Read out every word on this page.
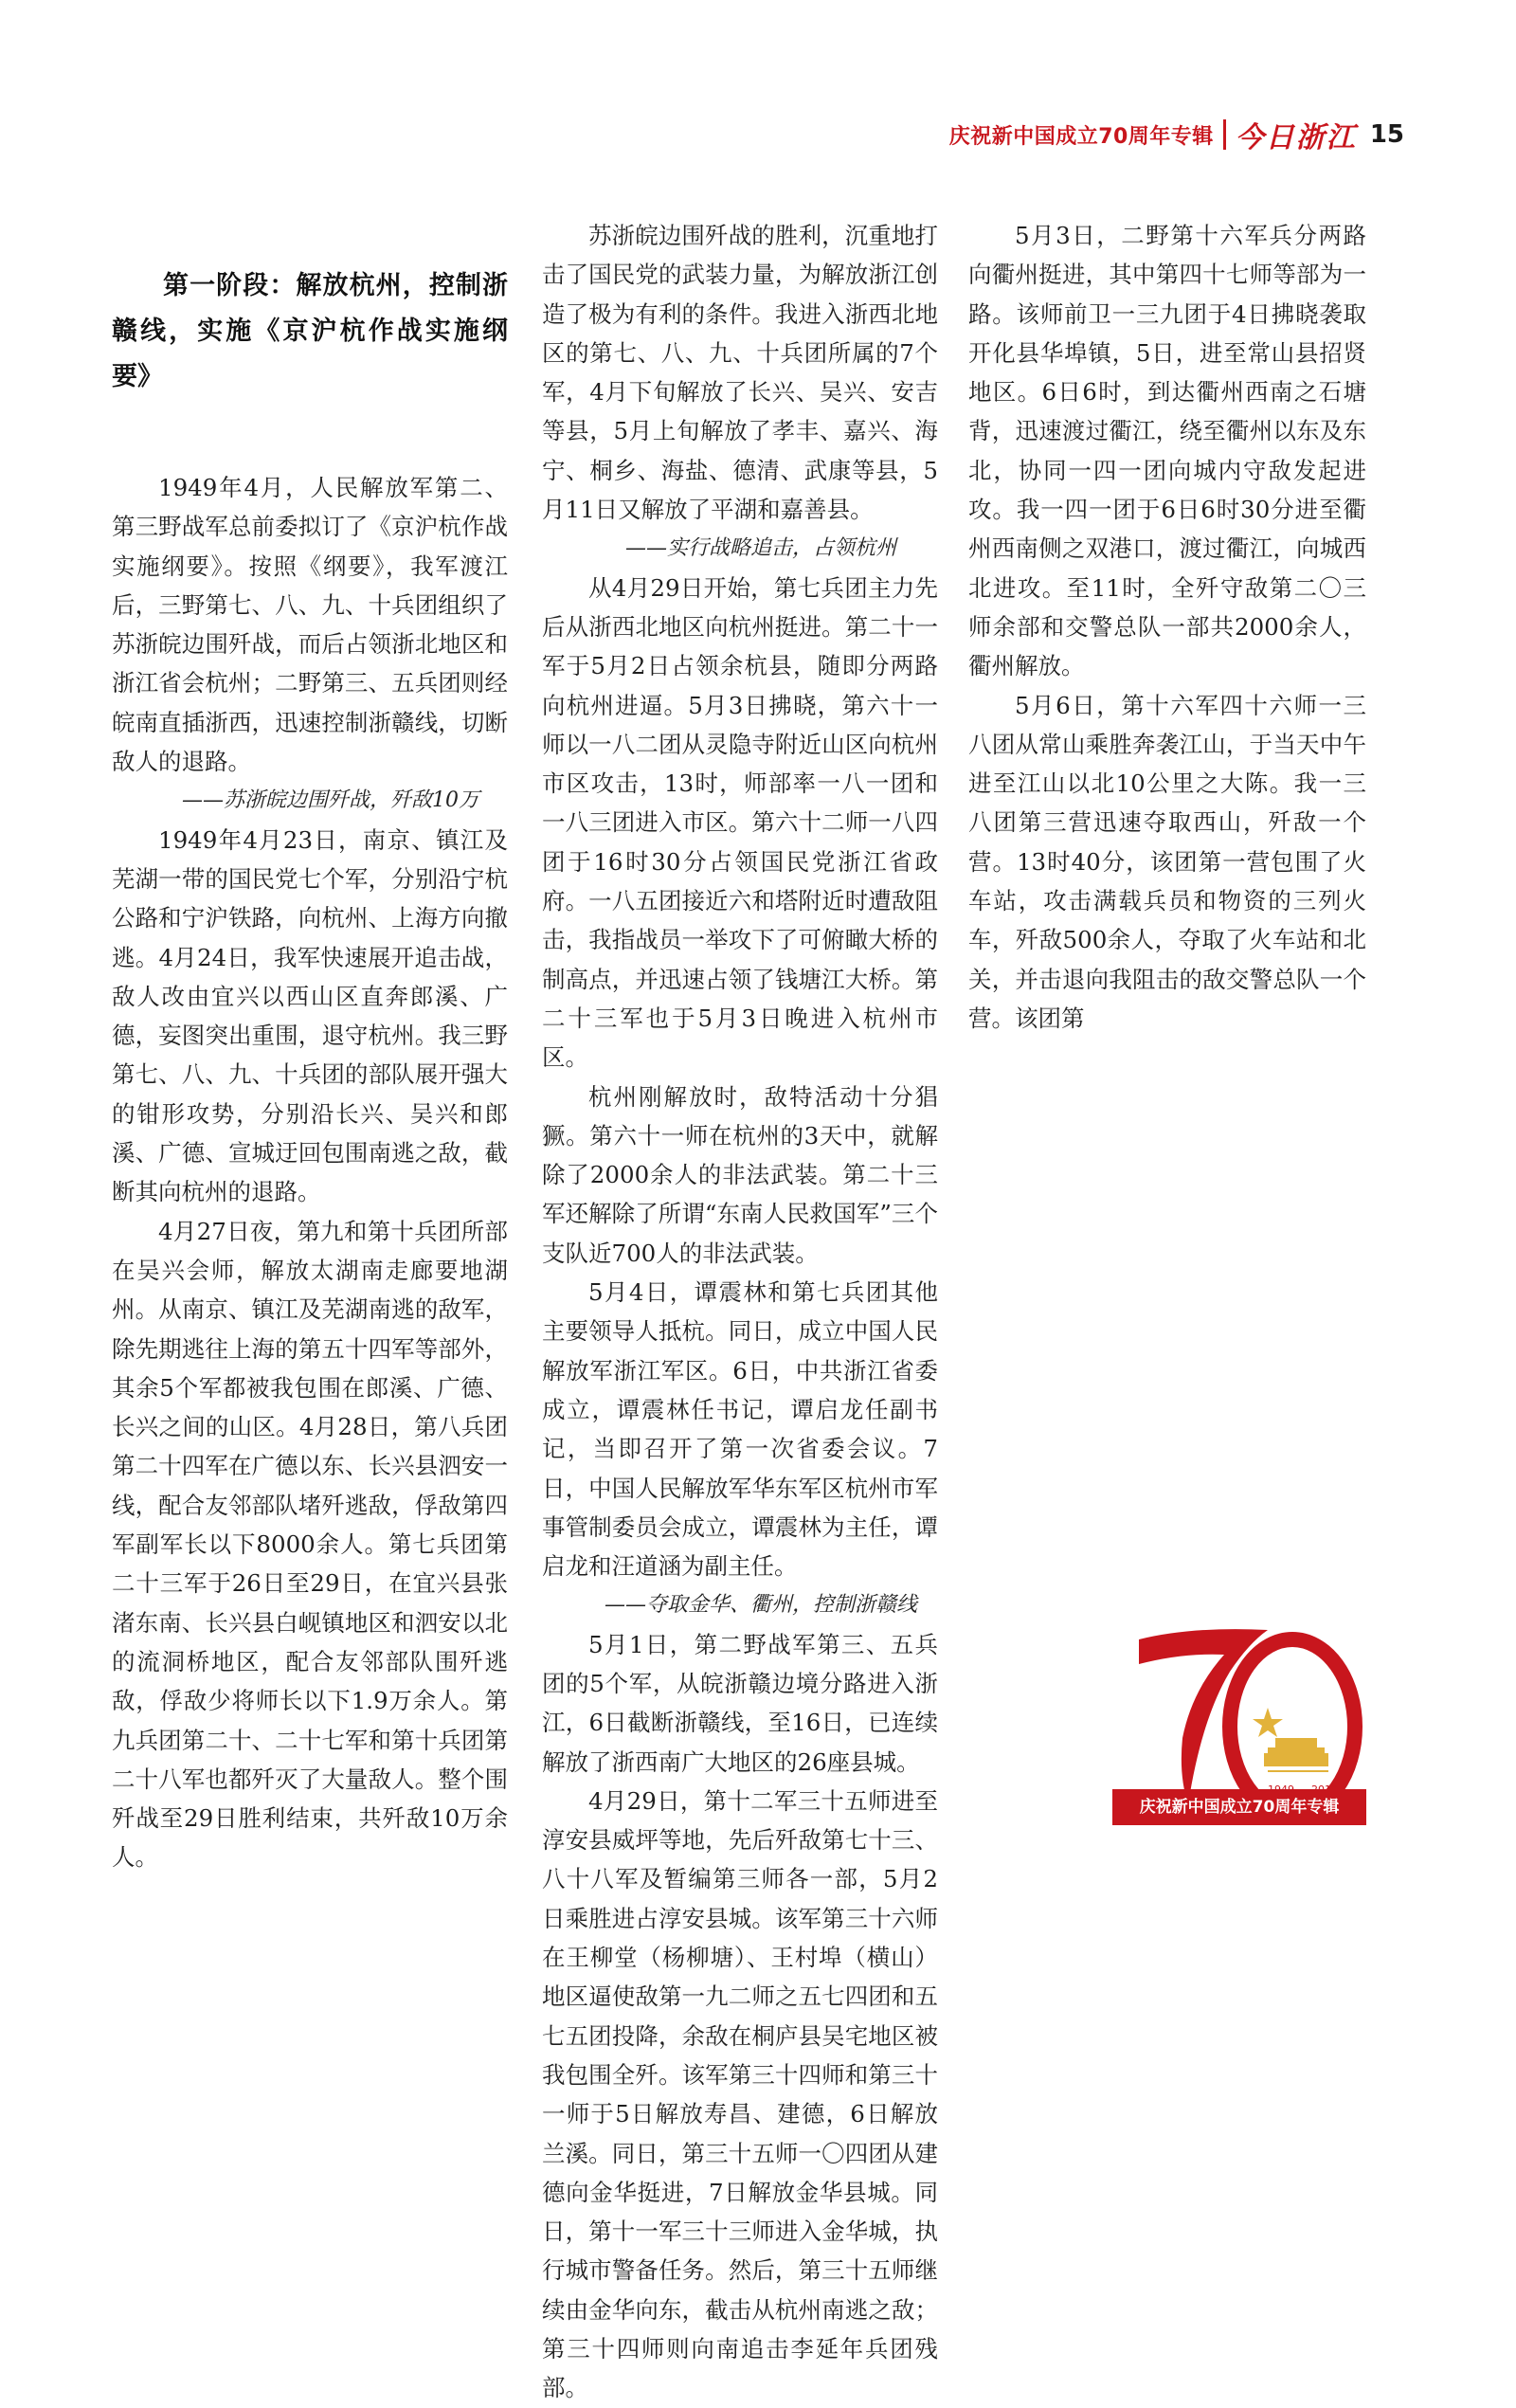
庆祝新中国成立70周年专辑 今日浙江 15
第一阶段：解放杭州，控制浙赣线，实施《京沪杭作战实施纲要》

1949年4月，人民解放军第二、第三野战军总前委拟订了《京沪杭作战实施纲要》。按照《纲要》，我军渡江后，三野第七、八、九、十兵团组织了苏浙皖边围歼战，而后占领浙北地区和浙江省会杭州；二野第三、五兵团则经皖南直插浙西，迅速控制浙赣线，切断敌人的退路。

——苏浙皖边围歼战，歼敌10万

1949年4月23日，南京、镇江及芜湖一带的国民党七个军，分别沿宁杭公路和宁沪铁路，向杭州、上海方向撤逃。4月24日，我军快速展开追击战，敌人改由宜兴以西山区直奔郎溪、广德，妄图突出重围，退守杭州。我三野第七、八、九、十兵团的部队展开强大的钳形攻势，分别沿长兴、吴兴和郎溪、广德、宣城迂回包围南逃之敌，截断其向杭州的退路。

4月27日夜，第九和第十兵团所部在吴兴会师，解放太湖南走廊要地湖州。从南京、镇江及芜湖南逃的敌军，除先期逃往上海的第五十四军等部外，其余5个军都被我包围在郎溪、广德、长兴之间的山区。4月28日，第八兵团第二十四军在广德以东、长兴县泗安一线，配合友邻部队堵歼逃敌，俘敌第四军副军长以下8000余人。第七兵团第二十三军于26日至29日，在宜兴县张渚东南、长兴县白岘镇地区和泗安以北的流洞桥地区，配合友邻部队围歼逃敌，俘敌少将师长以下1.9万余人。第九兵团第二十、二十七军和第十兵团第二十八军也都歼灭了大量敌人。整个围歼战至29日胜利结束，共歼敌10万余人。

苏浙皖边围歼战的胜利，沉重地打击了国民党的武装力量，为解放浙江创造了极为有利的条件。我进入浙西北地区的第七、八、九、十兵团所属的7个军，4月下旬解放了长兴、吴兴、安吉等县，5月上旬解放了孝丰、嘉兴、海宁、桐乡、海盐、德清、武康等县，5月11日又解放了平湖和嘉善县。

——实行战略追击，占领杭州

从4月29日开始，第七兵团主力先后从浙西北地区向杭州挺进。第二十一军于5月2日占领余杭县，随即分两路向杭州进逼。5月3日拂晓，第六十一师以一八二团从灵隐寺附近山区向杭州市区攻击，13时，师部率一八一团和一八三团进入市区。第六十二师一八四团于16时30分占领国民党浙江省政府。一八五团接近六和塔附近时遭敌阻击，我指战员一举攻下了可俯瞰大桥的制高点，并迅速占领了钱塘江大桥。第二十三军也于5月3日晚进入杭州市区。

杭州刚解放时，敌特活动十分猖獗。第六十一师在杭州的3天中，就解除了2000余人的非法武装。第二十三军还解除了所谓“东南人民救国军”三个支队近700人的非法武装。

5月4日，谭震林和第七兵团其他主要领导人抵杭。同日，成立中国人民解放军浙江军区。6日，中共浙江省委成立，谭震林任书记，谭启龙任副书记，当即召开了第一次省委会议。7日，中国人民解放军华东军区杭州市军事管制委员会成立，谭震林为主任，谭启龙和汪道涵为副主任。

——夺取金华、衢州，控制浙赣线

5月1日，第二野战军第三、五兵团的5个军，从皖浙赣边境分路进入浙江，6日截断浙赣线，至16日，已连续解放了浙西南广大地区的26座县城。

4月29日，第十二军三十五师进至淳安县威坪等地，先后歼敌第七十三、八十八军及暂编第三师各一部，5月2日乘胜进占淳安县城。该军第三十六师在王柳堂（杨柳塘）、王村埠（横山）地区逼使敌第一九二师之五七四团和五七五团投降，余敌在桐庐县吴宅地区被我包围全歼。该军第三十四师和第三十一师于5日解放寿昌、建德，6日解放兰溪。同日，第三十五师一〇四团从建德向金华挺进，7日解放金华县城。同日，第十一军三十三师进入金华城，执行城市警备任务。然后，第三十五师继续由金华向东，截击从杭州南逃之敌；第三十四师则向南追击李延年兵团残部。

5月3日，二野第十六军兵分两路向衢州挺进，其中第四十七师等部为一路。该师前卫一三九团于4日拂晓袭取开化县华埠镇，5日，进至常山县招贤地区。6日6时，到达衢州西南之石塘背，迅速渡过衢江，绕至衢州以东及东北，协同一四一团向城内守敌发起进攻。我一四一团于6日6时30分进至衢州西南侧之双港口，渡过衢江，向城西北进攻。至11时，全歼守敌第二〇三师余部和交警总队一部共2000余人，衢州解放。

5月6日，第十六军四十六师一三八团从常山乘胜奔袭江山，于当天中午进至江山以北10公里之大陈。我一三八团第三营迅速夺取西山，歼敌一个营。13时40分，该团第一营包围了火车站，攻击满载兵员和物资的三列火车，歼敌500余人，夺取了火车站和北关，并击退向我阻击的敌交警总队一个营。该团第

庆祝新中国成立70周年专辑
